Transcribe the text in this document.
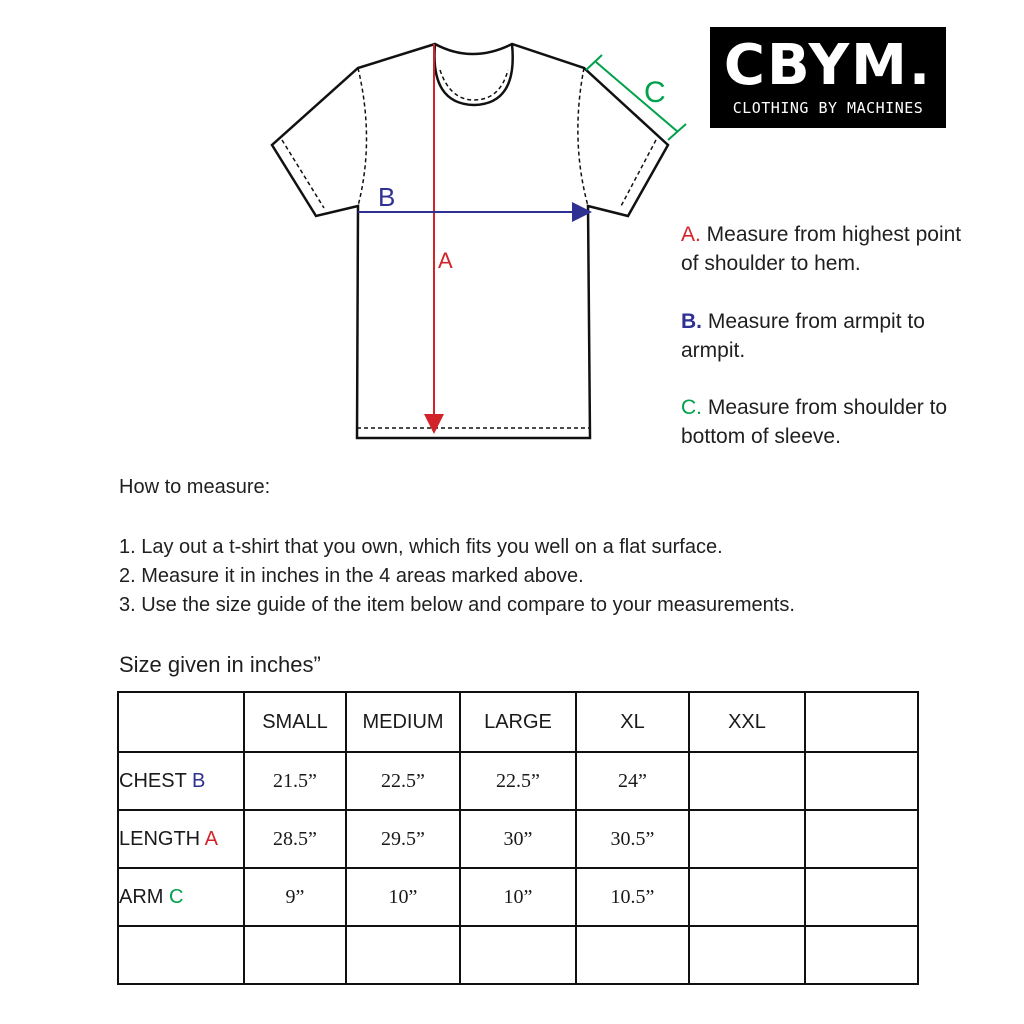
A
B
C CBYM.
CLOTHING BY MACHINES
A. Measure from highest point of shoulder to hem.
B. Measure from armpit to armpit.
C. Measure from shoulder to bottom of sleeve.
How to measure:
1. Lay out a t-shirt that you own, which fits you well on a flat surface.
2. Measure it in inches in the 4 areas marked above.
3. Use the size guide of the item below and compare to your measurements.
Size given in inches”
	SMALL	MEDIUM	LARGE	XL	XXL	
CHEST B	21.5”	22.5”	22.5”	24”		
LENGTH A	28.5”	29.5”	30”	30.5”		
ARM C	9”	10”	10”	10.5”		
